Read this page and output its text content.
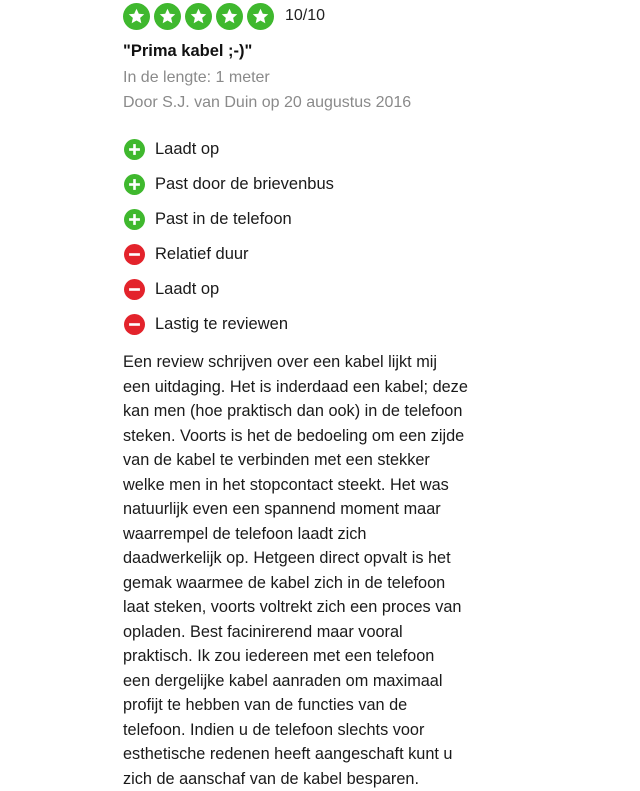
10/10
"Prima kabel ;-)"
In de lengte: 1 meter
Door S.J. van Duin op 20 augustus 2016
Laadt op
Past door de brievenbus
Past in de telefoon
Relatief duur
Laadt op
Lastig te reviewen
Een review schrijven over een kabel lijkt mij
een uitdaging. Het is inderdaad een kabel; deze
kan men (hoe praktisch dan ook) in de telefoon
steken. Voorts is het de bedoeling om een zijde
van de kabel te verbinden met een stekker
welke men in het stopcontact steekt. Het was
natuurlijk even een spannend moment maar
waarrempel de telefoon laadt zich
daadwerkelijk op. Hetgeen direct opvalt is het
gemak waarmee de kabel zich in de telefoon
laat steken, voorts voltrekt zich een proces van
opladen. Best facinirerend maar vooral
praktisch. Ik zou iedereen met een telefoon
een dergelijke kabel aanraden om maximaal
profijt te hebben van de functies van de
telefoon. Indien u de telefoon slechts voor
esthetische redenen heeft aangeschaft kunt u
zich de aanschaf van de kabel besparen.
